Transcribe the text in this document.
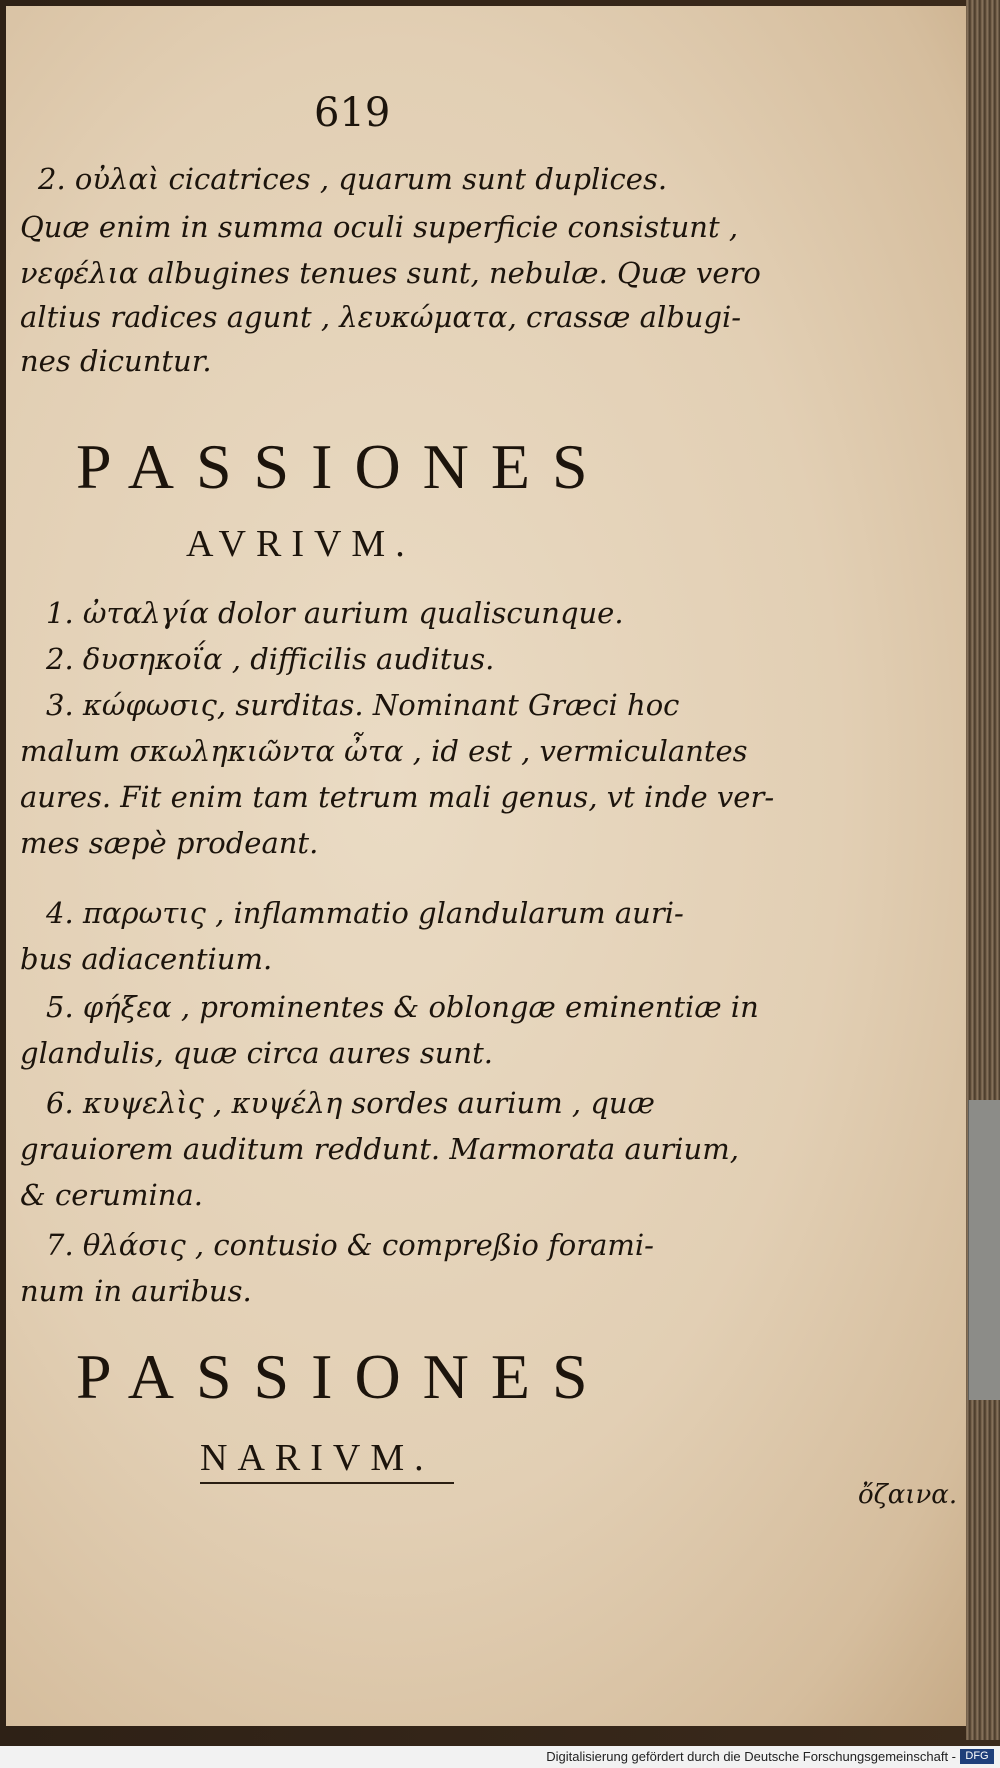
619
2. οὐλαὶ cicatrices , quarum sunt duplices.
Quæ enim in summa oculi superficie consistunt ,
νεφέλια albugines tenues sunt, nebulæ. Quæ vero
altius radices agunt , λευκώματα, crassæ albugi-
nes dicuntur.
1. ὠταλγία dolor aurium qualiscunque.
2. δυσηκοΐα , difficilis auditus.
3. κώφωσις, surditas. Nominant Græci hoc
malum σκωληκιῶντα ὦτα , id est , vermiculantes
aures. Fit enim tam tetrum mali genus, vt inde ver-
mes sæpè prodeant.
4. παρωτις , inflammatio glandularum auri-
bus adiacentium.
5. φήξεα , prominentes & oblongæ eminentiæ in
glandulis, quæ circa aures sunt.
6. κυψελὶς , κυψέλη sordes aurium , quæ
grauiorem auditum reddunt. Marmorata aurium,
& cerumina.
7. θλάσις , contusio & compreßio forami-
num in auribus.
PASSIONES
AVRIVM.
PASSIONES
NARIVM.
ὄζαινα.
Digitalisierung gefördert durch die Deutsche Forschungsgemeinschaft - DFG
